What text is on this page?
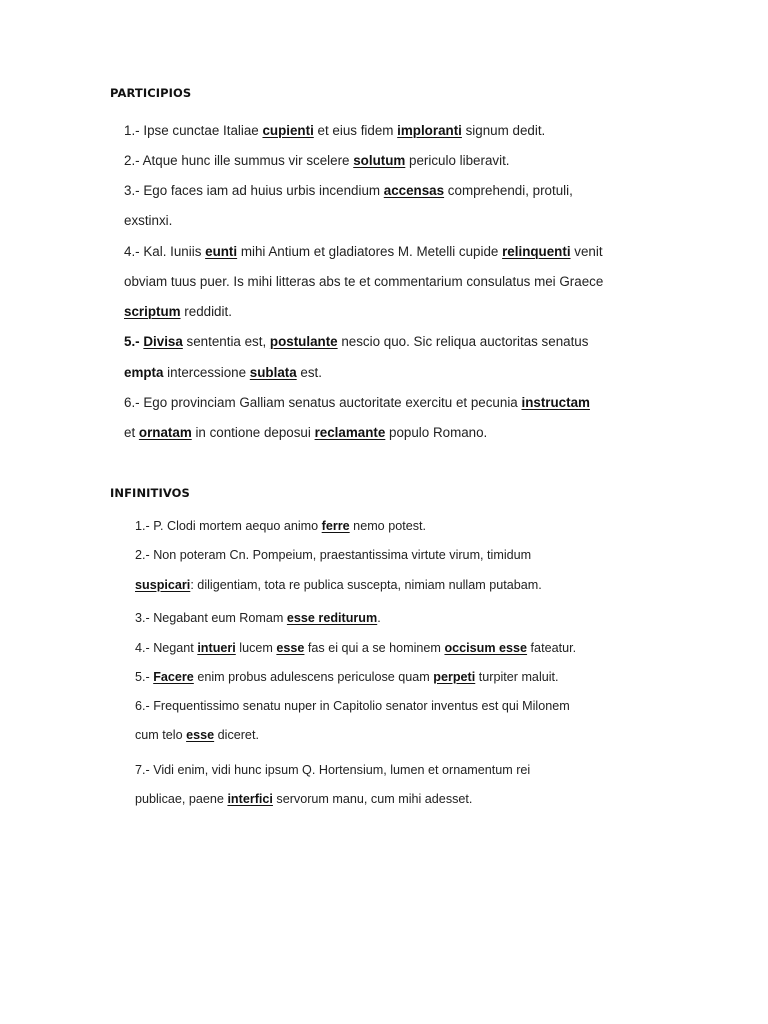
PARTICIPIOS
1.- Ipse cunctae Italiae cupienti et eius fidem imploranti signum dedit.
2.- Atque hunc ille summus vir scelere solutum periculo liberavit.
3.- Ego faces iam ad huius urbis incendium accensas comprehendi, protuli,
exstinxi.
4.- Kal. Iuniis eunti mihi Antium et gladiatores M. Metelli cupide relinquenti venit
obviam tuus puer. Is mihi litteras abs te et commentarium consulatus mei Graece
scriptum reddidit.
5.- Divisa sententia est, postulante nescio quo. Sic reliqua auctoritas senatus
empta intercessione sublata est.
6.- Ego provinciam Galliam senatus auctoritate exercitu et pecunia instructam
et ornatam in contione deposui reclamante populo Romano.
INFINITIVOS
1.- P. Clodi mortem aequo animo ferre nemo potest.
2.- Non poteram Cn. Pompeium, praestantissima virtute virum, timidum
suspicari: diligentiam, tota re publica suscepta, nimiam nullam putabam.
3.- Negabant eum Romam esse rediturum.
4.- Negant intueri lucem esse fas ei qui a se hominem occisum esse fateatur.
5.- Facere enim probus adulescens periculose quam perpeti turpiter maluit.
6.- Frequentissimo senatu nuper in Capitolio senator inventus est qui Milonem
cum telo esse diceret.
7.- Vidi enim, vidi hunc ipsum Q. Hortensium, lumen et ornamentum rei
publicae, paene interfici servorum manu, cum mihi adesset.
